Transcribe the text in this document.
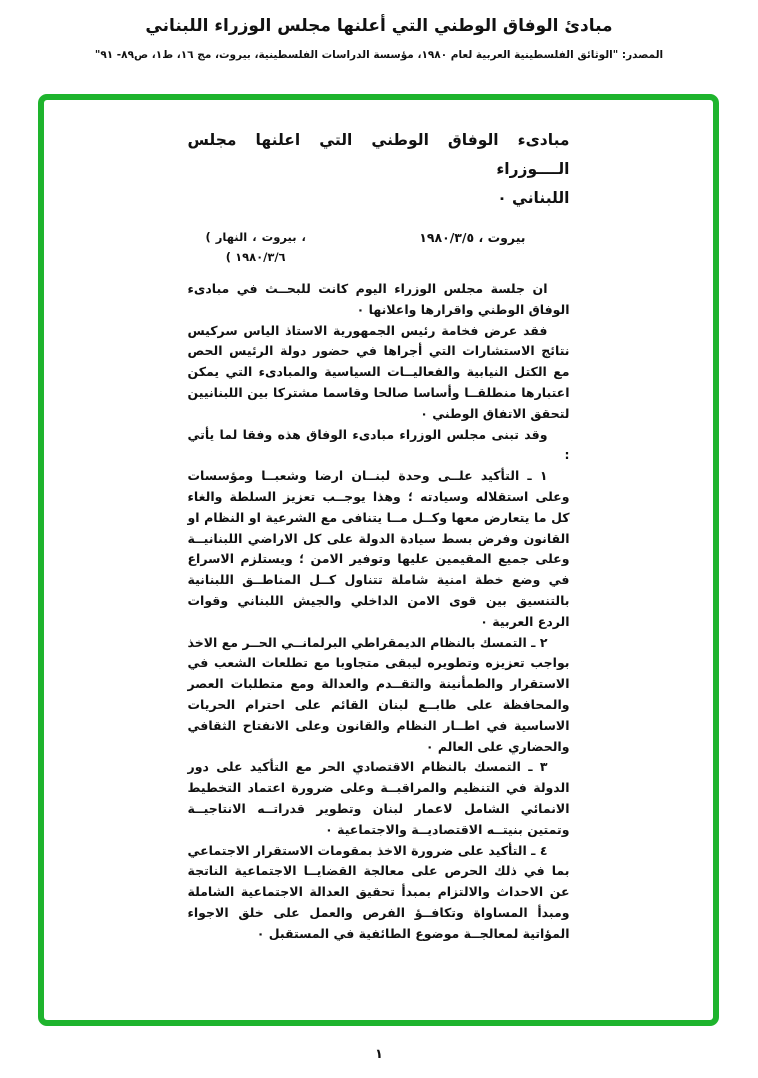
مبادئ الوفاق الوطني التي أعلنها مجلس الوزراء اللبناني
المصدر: "الوثائق الفلسطينية العربية لعام ١٩٨٠، مؤسسة الدراسات الفلسطينية، بيروت، مج ١٦، ط١، ص٨٩- ٩١"
مبادىء الوفاق الوطني التي اعلنها مجلس الــــوزراء
اللبناني ٠
بيروت ، ١٩٨٠/٣/٥
( النهار ، بيروت ،
١٩٨٠/٣/٦ )

ان جلسة مجلس الوزراء اليوم كانت للبحــث في مبادىء الوفاق الوطني واقرارها واعلانها ٠

فقد عرض فخامة رئيس الجمهورية الاستاذ الياس سركيس نتائج الاستشارات التي أجراها في حضور دولة الرئيس الحص مع الكتل النيابية والفعاليــات السياسية والمبادىء التي يمكن اعتبارها منطلقــا وأساسا صالحا وقاسما مشتركا بين اللبنانيين لتحقق الاتفاق الوطني ٠

وقد تبنى مجلس الوزراء مبادىء الوفاق هذه وفقا لما يأتي :

١ ـ التأكيد علــى وحدة لبنــان ارضا وشعبــا ومؤسسات وعلى استقلاله وسيادته ؛ وهذا يوجــب تعزيز السلطة والغاء كل ما يتعارض معها وكــل مــا يتنافى مع الشرعية او النظام او القانون وفرض بسط سيادة الدولة على كل الاراضي اللبنانيــة وعلى جميع المقيمين عليها وتوفير الامن ؛ ويستلزم الاسراع في وضع خطة امنية شاملة تتناول كــل المناطــق اللبنانية بالتنسيق بين قوى الامن الداخلي والجيش اللبناني وقوات الردع العربية ٠

٢ ـ التمسك بالنظام الديمقراطي البرلمانــي الحــر مع الاخذ بواجب تعزيزه وتطويره ليبقى متجاوبا مع تطلعات الشعب في الاستقرار والطمأنينة والتقــدم والعدالة ومع متطلبات العصر والمحافظة على طابــع لبنان القائم على احترام الحريات الاساسية في اطــار النظام والقانون وعلى الانفتاح الثقافي والحضاري على العالم ٠

٣ ـ التمسك بالنظام الاقتصادي الحر مع التأكيد على دور الدولة في التنظيم والمراقبــة وعلى ضرورة اعتماد التخطيط الانمائي الشامل لاعمار لبنان وتطوير قدراتــه الانتاجيــة وتمتين بنيتــه الاقتصاديــة والاجتماعية ٠

٤ ـ التأكيد على ضرورة الاخذ بمقومات الاستقرار الاجتماعي بما في ذلك الحرص على معالجة القضايــا الاجتماعية الناتجة عن الاحداث والالتزام بمبدأ تحقيق العدالة الاجتماعية الشاملة ومبدأ المساواة وتكافــؤ الفرص والعمل على خلق الاجواء المؤاتية لمعالجــة موضوع الطائفية في المستقبل ٠

١
